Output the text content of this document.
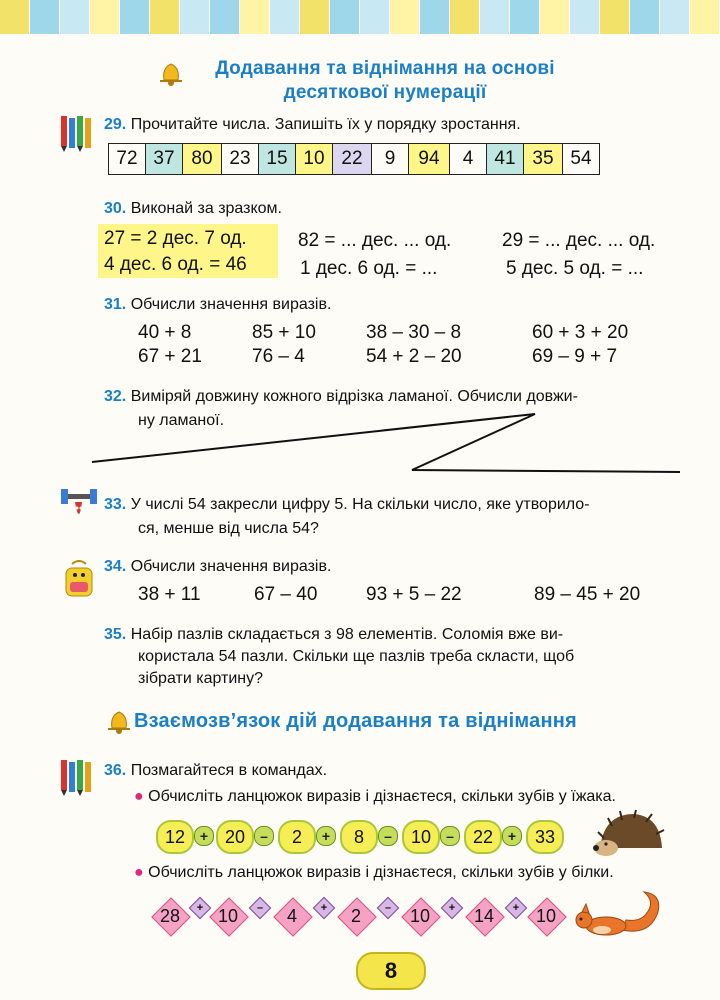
Додавання та віднімання на основі
десяткової нумерації
29. Прочитайте числа. Запишіть їх у порядку зростання.
72 37 80 23 15 10 22	9	94	4	41 35 54
30. Виконай за зразком.
27 = 2 дес. 7 од.
4 дес. 6 од. = 46
82 = ... дес. ... од.	29 = ... дес. ... од.
1 дес. 6 од. = ...	5 дес. 5 од. = ...
31. Обчисли значення виразів.
40 + 8	85 + 10	38 – 30 – 8	60 + 3 + 20
67 + 21	76 – 4	54 + 2 – 20	69 – 9 + 7
32. Виміряй довжину кожного відрізка ламаної. Обчисли довжи-
ну ламаної.
33. У числі 54 закресли цифру 5. На скільки число, яке утворило-
ся, менше від числа 54?
34. Обчисли значення виразів.
38 + 11	67 – 40	93 + 5 – 22	89 – 45 + 20
35. Набір пазлів складається з 98 елементів. Соломія вже ви-
користала 54 пазли. Скільки ще пазлів треба скласти, щоб
зібрати картину?
Взаємозв’язок дій додавання та віднімання
36. Позмагайтеся в командах.
● Обчисліть ланцюжок виразів і дізнаєтеся, скільки зубів у їжака.
12	+ 20	–	2	+	8	–	10	–	22	+	33
● Обчисліть ланцюжок виразів і дізнаєтеся, скільки зубів у білки.
28	+ 10	–	4	+	2	–	10	+	14	+ 10
8
